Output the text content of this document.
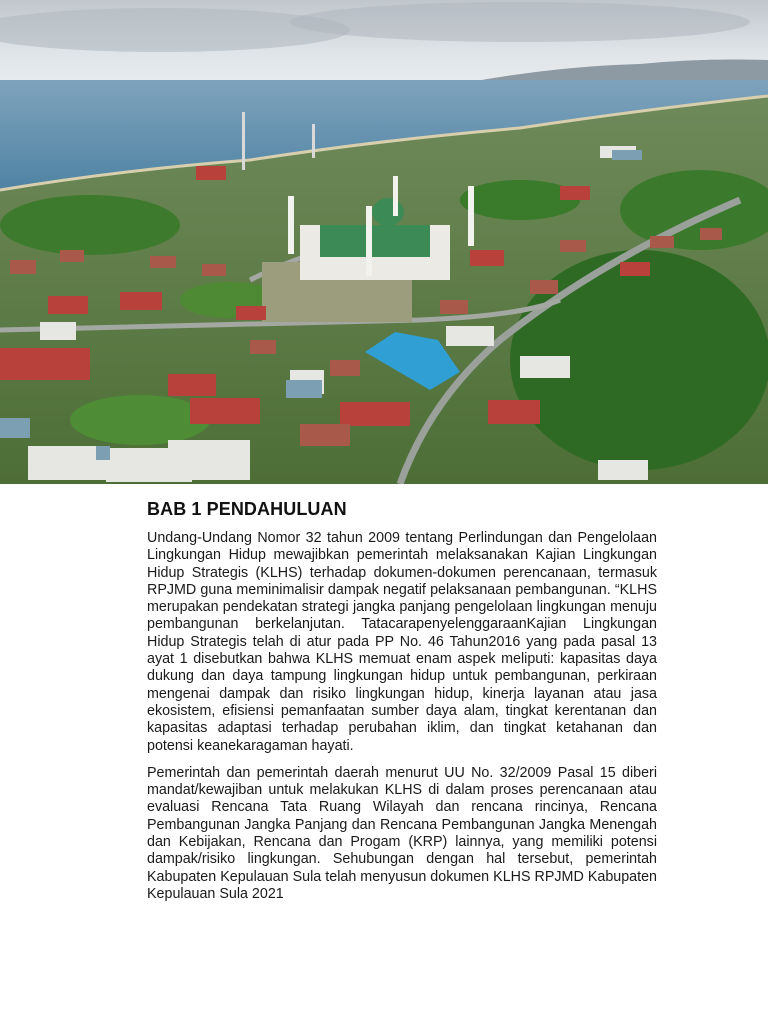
BAB 1 PENDAHULUAN

Undang-Undang Nomor 32 tahun 2009 tentang Perlindungan dan Pengelolaan Lingkungan Hidup mewajibkan pemerintah melaksanakan Kajian Lingkungan Hidup Strategis (KLHS) terhadap dokumen-dokumen perencanaan, termasuk RPJMD guna meminimalisir dampak negatif pelaksanaan pembangunan. “KLHS merupakan pendekatan strategi jangka panjang pengelolaan lingkungan menuju pembangunan berkelanjutan. TatacarapenyelenggaraanKajian Lingkungan Hidup Strategis telah di atur pada PP No. 46 Tahun2016 yang pada pasal 13 ayat 1 disebutkan bahwa KLHS memuat enam aspek meliputi: kapasitas daya dukung dan daya tampung lingkungan hidup untuk pembangunan, perkiraan mengenai dampak dan risiko lingkungan hidup, kinerja layanan atau jasa ekosistem, efisiensi pemanfaatan sumber daya alam, tingkat kerentanan dan kapasitas adaptasi terhadap perubahan iklim, dan tingkat ketahanan dan potensi keanekaragaman hayati.

Pemerintah dan pemerintah daerah menurut UU No. 32/2009 Pasal 15 diberi mandat/kewajiban untuk melakukan KLHS di dalam proses perencanaan atau evaluasi Rencana Tata Ruang Wilayah dan rencana rincinya, Rencana Pembangunan Jangka Panjang dan Rencana Pembangunan Jangka Menengah dan Kebijakan, Rencana dan Progam (KRP) lainnya, yang memiliki potensi dampak/risiko lingkungan. Sehubungan dengan hal tersebut, pemerintah Kabupaten Kepulauan Sula telah menyusun dokumen KLHS RPJMD Kabupaten Kepulauan Sula 2021
